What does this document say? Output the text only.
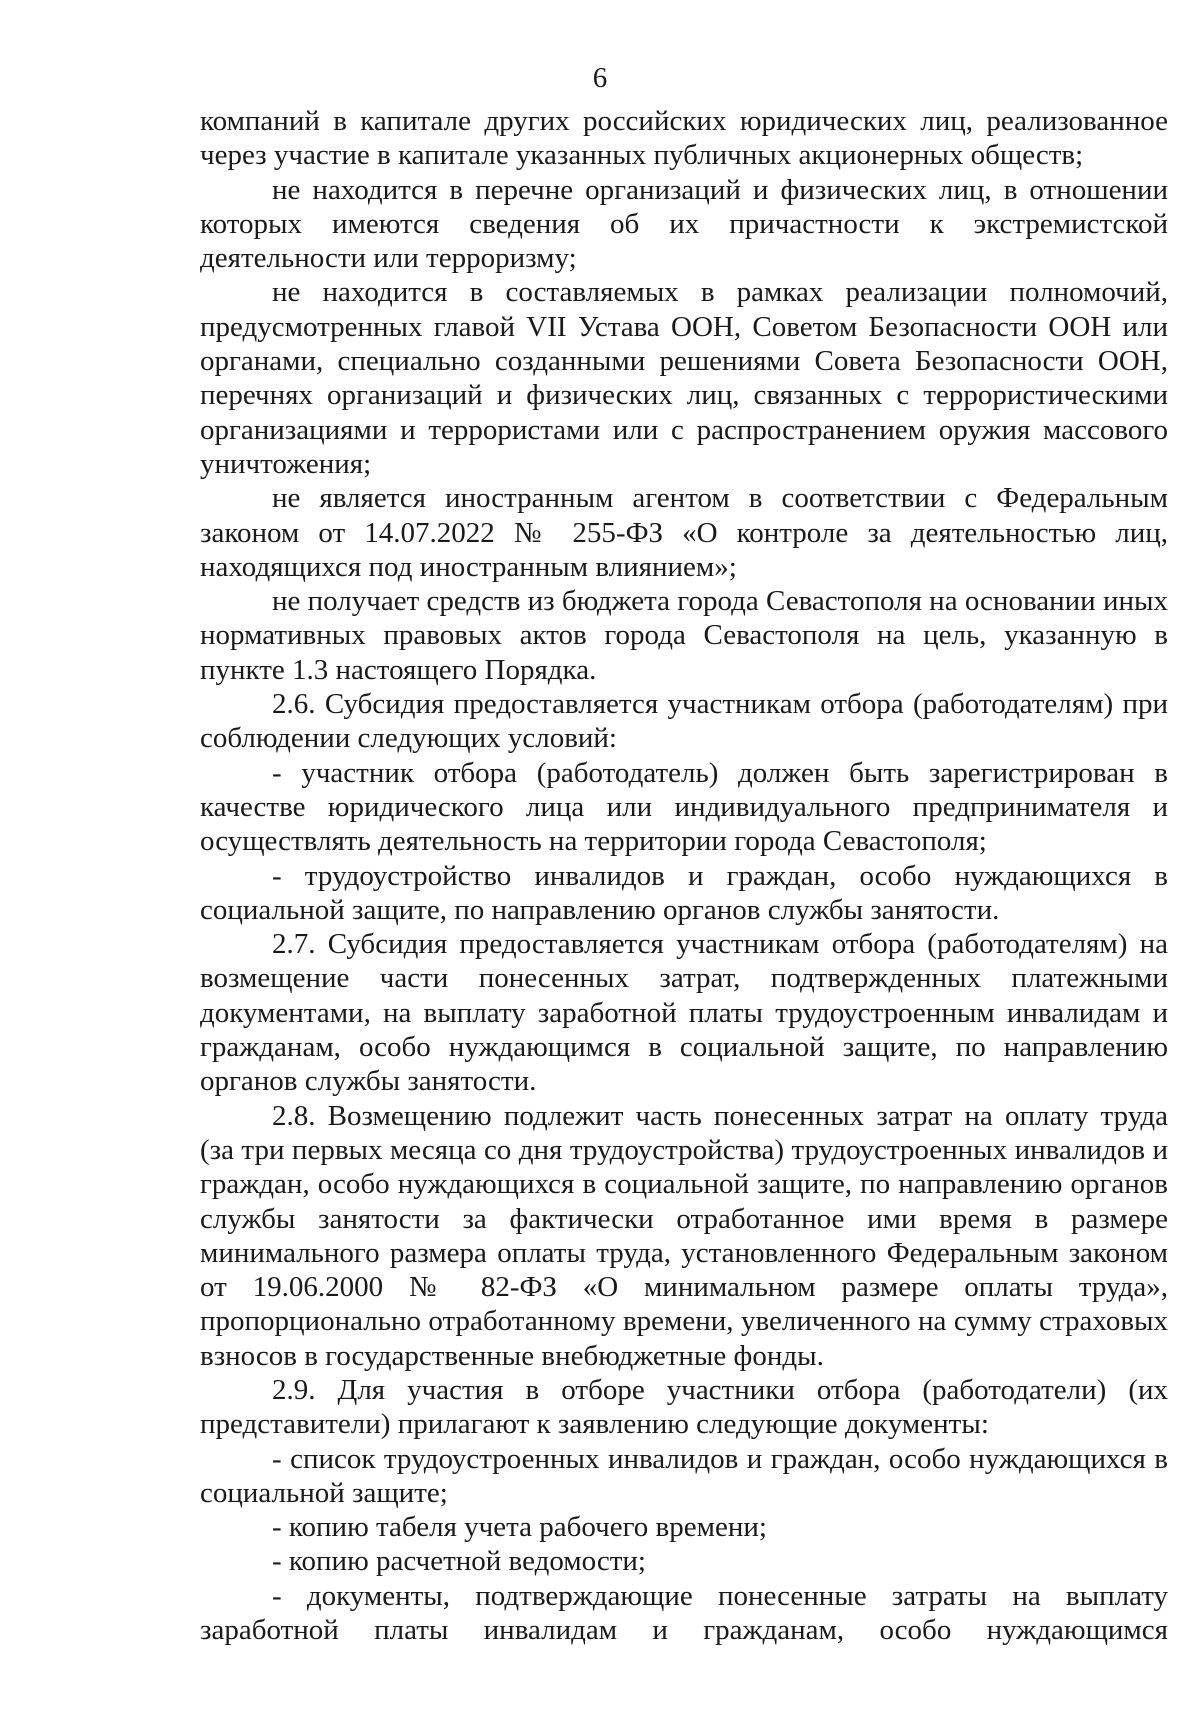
6

компаний в капитале других российских юридических лиц, реализованное через участие в капитале указанных публичных акционерных обществ;

не находится в перечне организаций и физических лиц, в отношении которых имеются сведения об их причастности к экстремистской деятельности или терроризму;

не находится в составляемых в рамках реализации полномочий, предусмотренных главой VII Устава ООН, Советом Безопасности ООН или органами, специально созданными решениями Совета Безопасности ООН, перечнях организаций и физических лиц, связанных с террористическими организациями и террористами или с распространением оружия массового уничтожения;

не является иностранным агентом в соответствии с Федеральным законом от 14.07.2022 № 255-ФЗ «О контроле за деятельностью лиц, находящихся под иностранным влиянием»;

не получает средств из бюджета города Севастополя на основании иных нормативных правовых актов города Севастополя на цель, указанную в пункте 1.3 настоящего Порядка.

2.6. Субсидия предоставляется участникам отбора (работодателям) при соблюдении следующих условий:

- участник отбора (работодатель) должен быть зарегистрирован в качестве юридического лица или индивидуального предпринимателя и осуществлять деятельность на территории города Севастополя;

- трудоустройство инвалидов и граждан, особо нуждающихся в социальной защите, по направлению органов службы занятости.

2.7. Субсидия предоставляется участникам отбора (работодателям) на возмещение части понесенных затрат, подтвержденных платежными документами, на выплату заработной платы трудоустроенным инвалидам и гражданам, особо нуждающимся в социальной защите, по направлению органов службы занятости.

2.8. Возмещению подлежит часть понесенных затрат на оплату труда (за три первых месяца со дня трудоустройства) трудоустроенных инвалидов и граждан, особо нуждающихся в социальной защите, по направлению органов службы занятости за фактически отработанное ими время в размере минимального размера оплаты труда, установленного Федеральным законом от 19.06.2000 № 82-ФЗ «О минимальном размере оплаты труда», пропорционально отработанному времени, увеличенного на сумму страховых взносов в государственные внебюджетные фонды.

2.9. Для участия в отборе участники отбора (работодатели) (их представители) прилагают к заявлению следующие документы:

- список трудоустроенных инвалидов и граждан, особо нуждающихся в социальной защите;

- копию табеля учета рабочего времени;

- копию расчетной ведомости;

- документы, подтверждающие понесенные затраты на выплату заработной платы инвалидам и гражданам, особо нуждающимся
